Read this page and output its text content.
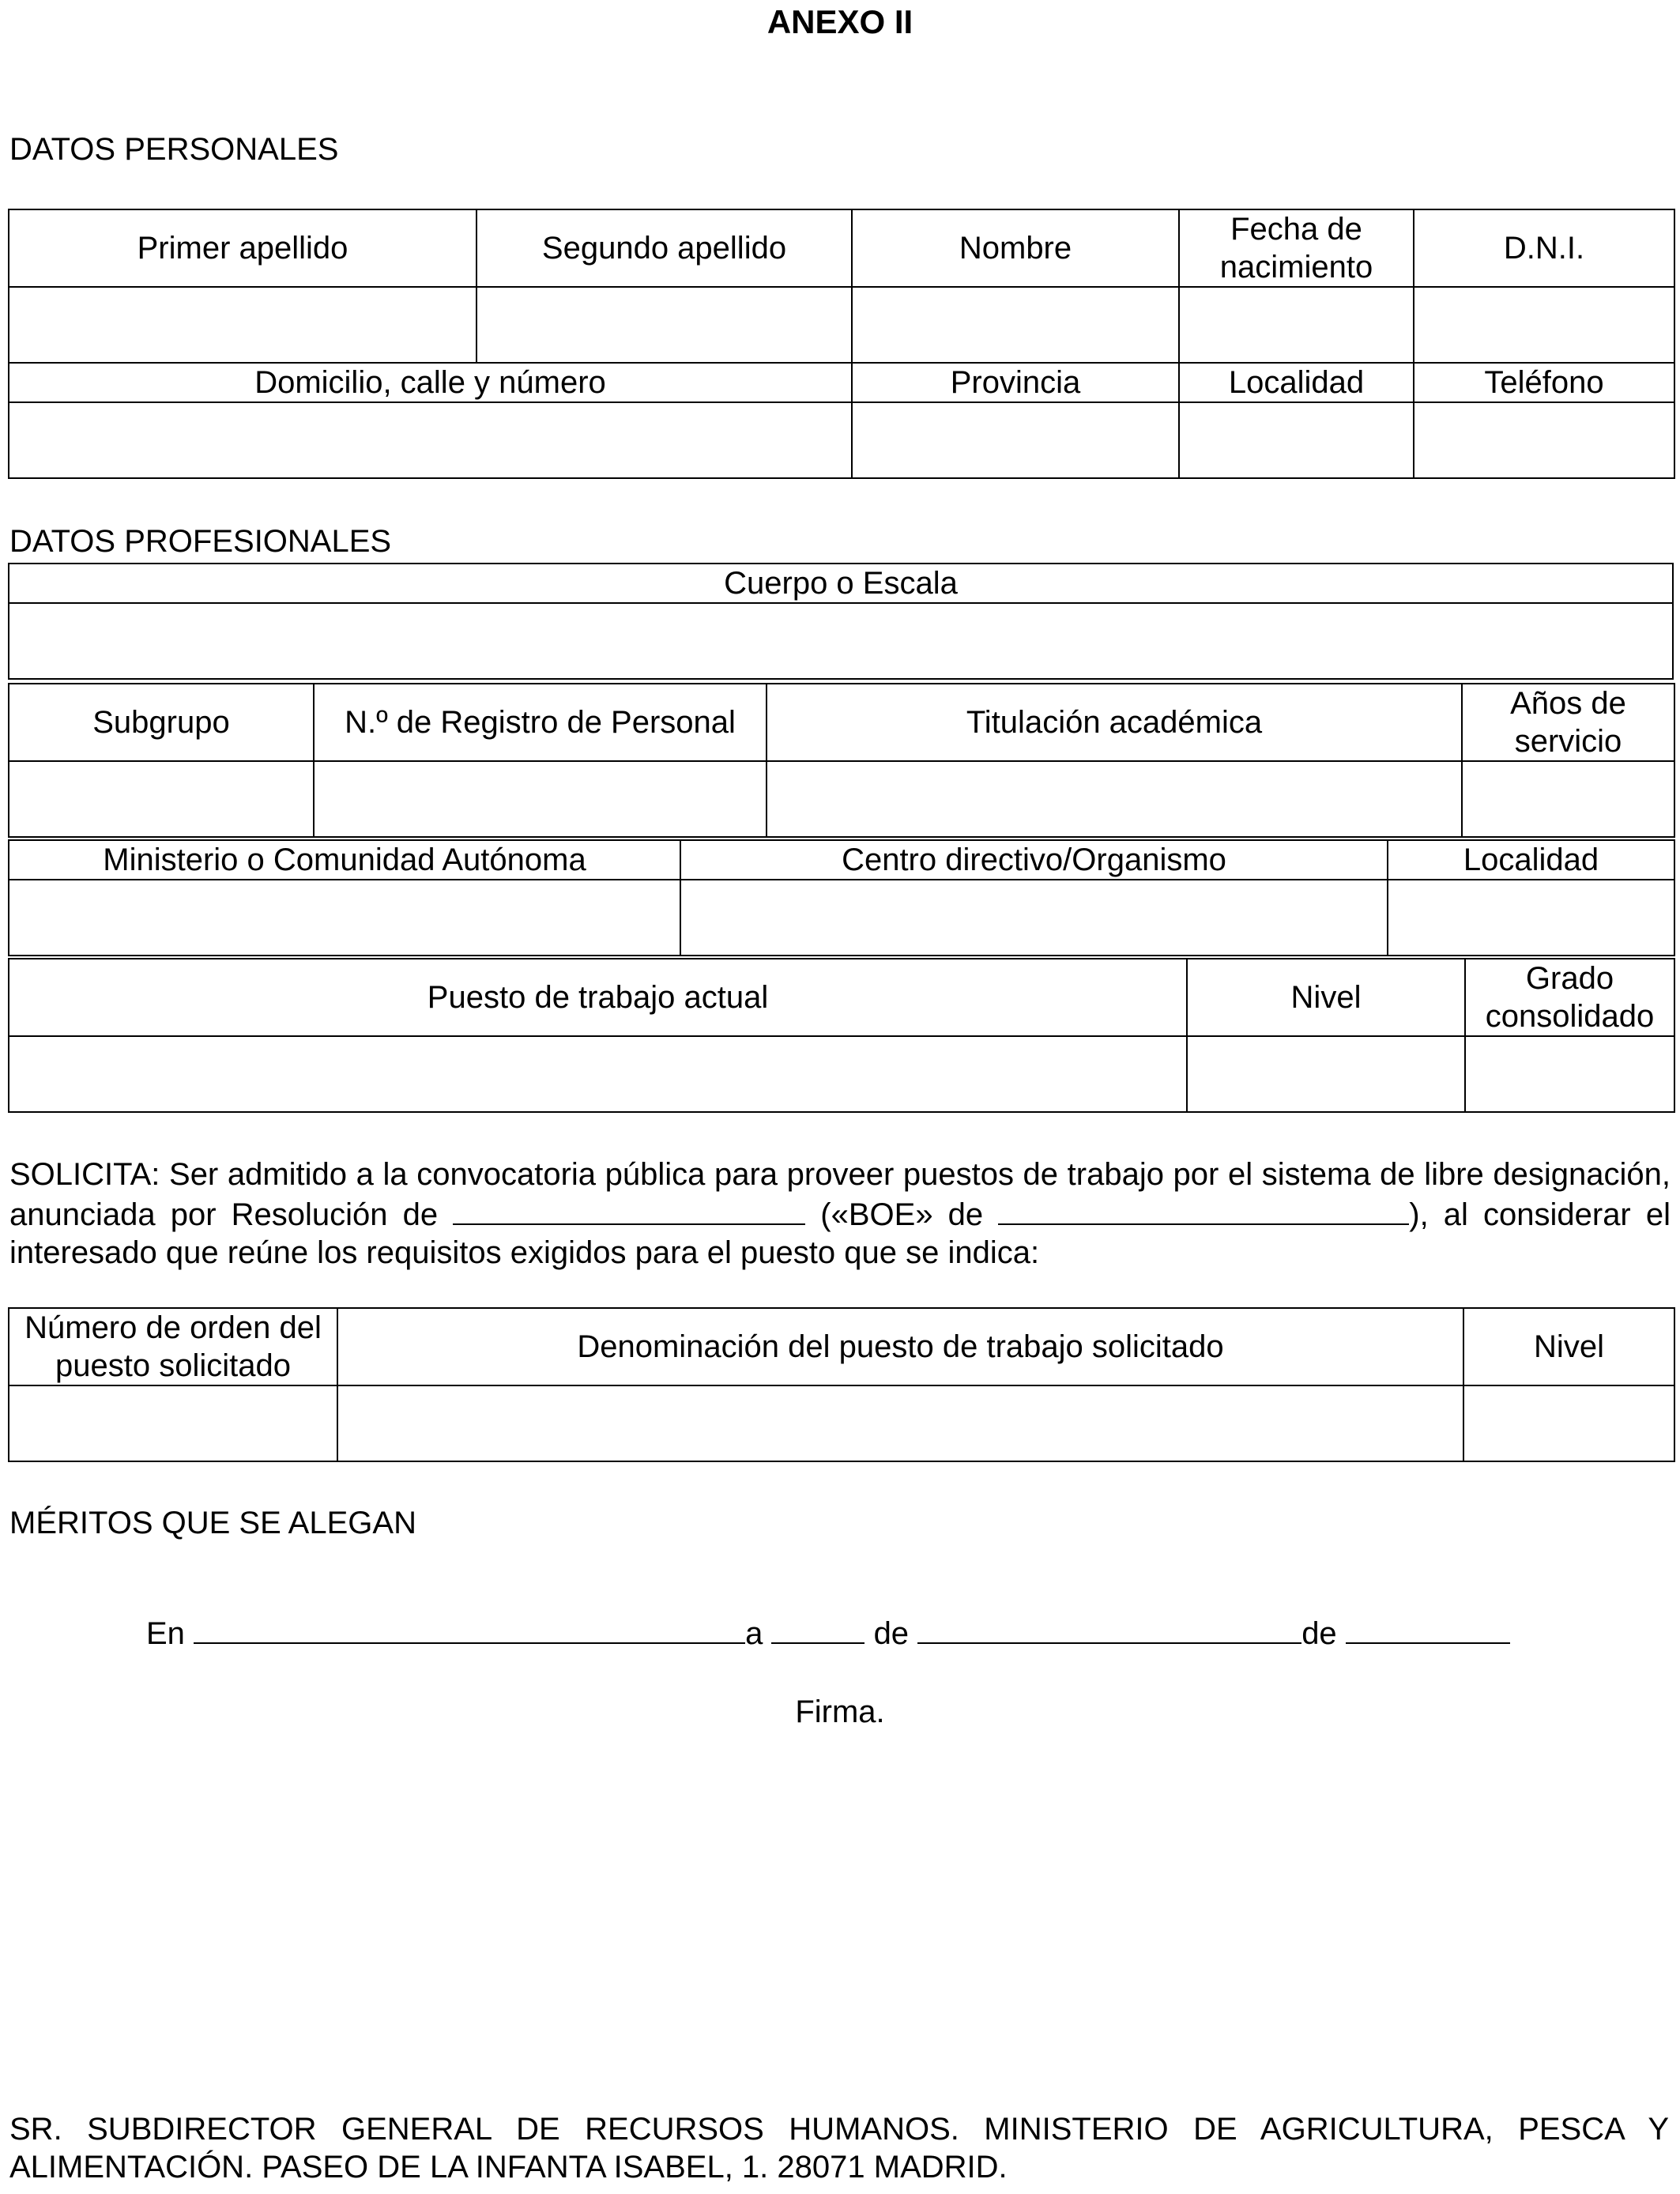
ANEXO II
DATOS PERSONALES
Primer apellido	Segundo apellido	Nombre	Fecha de nacimiento	D.N.I.

Domicilio, calle y número		Provincia	Localidad	Teléfono

DATOS PROFESIONALES
Cuerpo o Escala

Subgrupo	N.º de Registro de Personal	Titulación académica	Años de servicio

Ministerio o Comunidad Autónoma	Centro directivo/Organismo	Localidad

Puesto de trabajo actual	Nivel	Grado consolidado

SOLICITA: Ser admitido a la convocatoria pública para proveer puestos de trabajo por el sistema de libre designación, anunciada por Resolución de	(«BOE» de	), al considerar el interesado que reúne los requisitos exigidos para el puesto que se indica:
Número de orden del puesto solicitado	Denominación del puesto de trabajo solicitado	Nivel

MÉRITOS QUE SE ALEGAN
En	a	de	de
Firma.
SR. SUBDIRECTOR GENERAL DE RECURSOS HUMANOS. MINISTERIO DE AGRICULTURA, PESCA Y ALIMENTACIÓN. PASEO DE LA INFANTA ISABEL, 1. 28071 MADRID.
